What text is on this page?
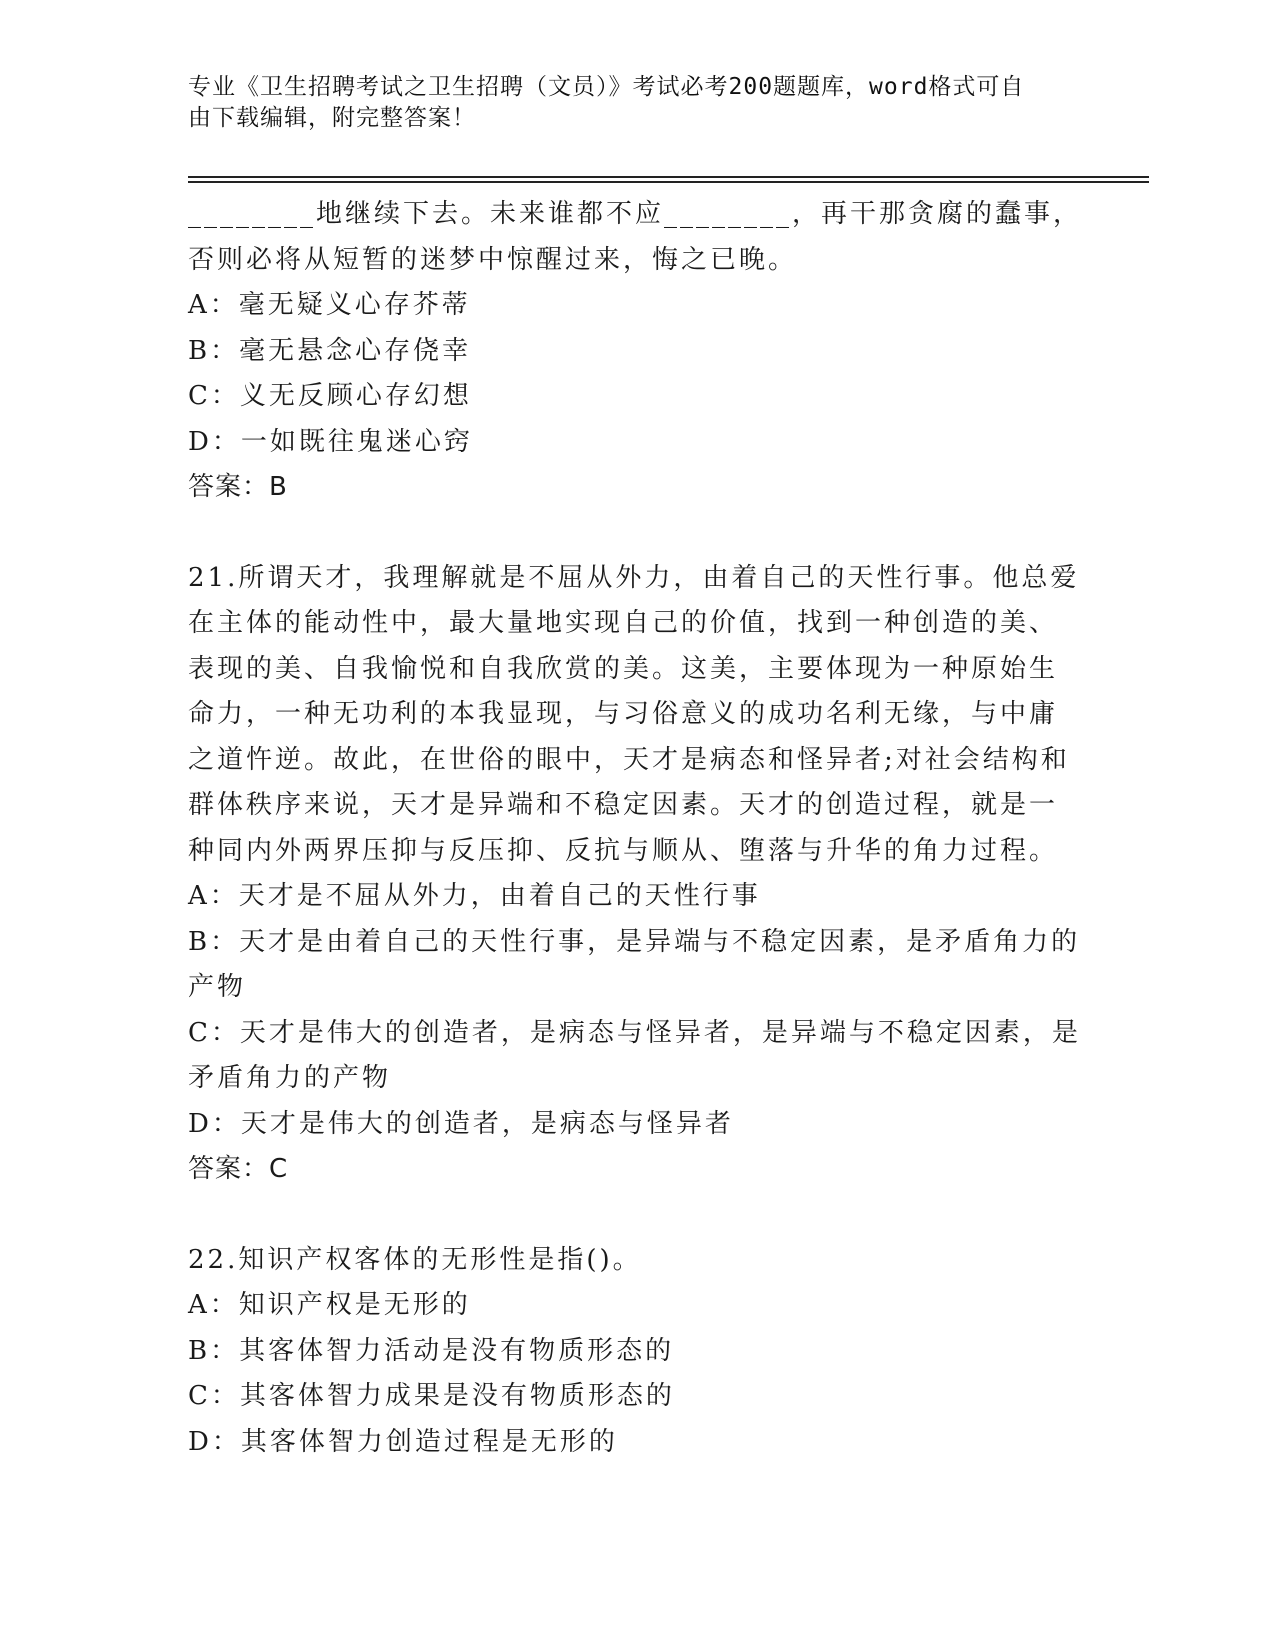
专业《卫生招聘考试之卫生招聘（文员）》考试必考200题题库，word格式可自
由下载编辑，附完整答案！
________地继续下去。未来谁都不应________，再干那贪腐的蠢事，
否则必将从短暂的迷梦中惊醒过来，悔之已晚。
A：毫无疑义心存芥蒂
B：毫无悬念心存侥幸
C：义无反顾心存幻想
D：一如既往鬼迷心窍
答案：B
21.所谓天才，我理解就是不屈从外力，由着自己的天性行事。他总爱
在主体的能动性中，最大量地实现自己的价值，找到一种创造的美、
表现的美、自我愉悦和自我欣赏的美。这美，主要体现为一种原始生
命力，一种无功利的本我显现，与习俗意义的成功名利无缘，与中庸
之道忤逆。故此，在世俗的眼中，天才是病态和怪异者;对社会结构和
群体秩序来说，天才是异端和不稳定因素。天才的创造过程，就是一
种同内外两界压抑与反压抑、反抗与顺从、堕落与升华的角力过程。
A：天才是不屈从外力，由着自己的天性行事
B：天才是由着自己的天性行事，是异端与不稳定因素，是矛盾角力的
产物
C：天才是伟大的创造者，是病态与怪异者，是异端与不稳定因素，是
矛盾角力的产物
D：天才是伟大的创造者，是病态与怪异者
答案：C
22.知识产权客体的无形性是指()。
A：知识产权是无形的
B：其客体智力活动是没有物质形态的
C：其客体智力成果是没有物质形态的
D：其客体智力创造过程是无形的
